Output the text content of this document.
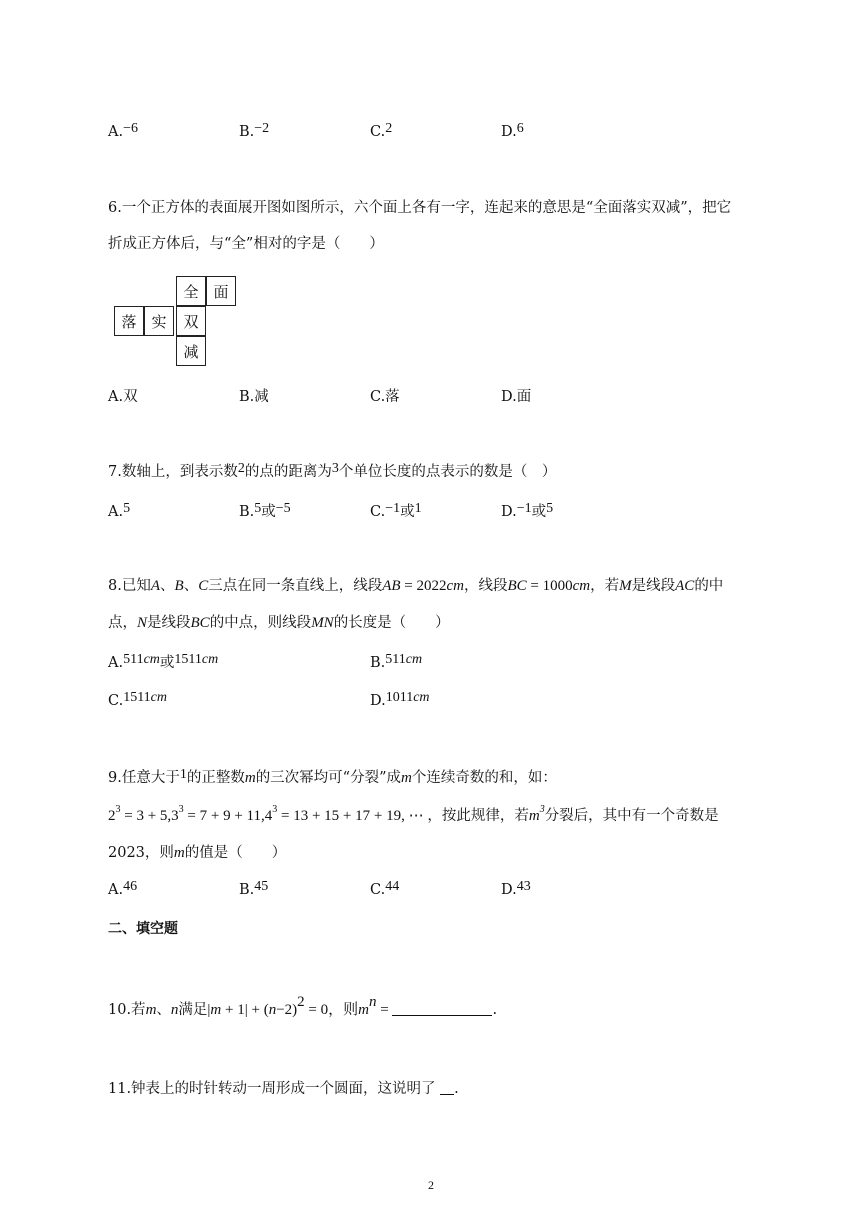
A.−6	B.−2	C.2	D.6
6.一个正方体的表面展开图如图所示，六个面上各有一字，连起来的意思是“全面落实双减”，把它
折成正方体后，与“全”相对的字是（　　）
全 面
落 实	双
减
A.双	B.减	C.落	D.面
7.数轴上，到表示数2的点的距离为3个单位长度的点表示的数是（　）
A.5	B.5或−5	C.−1或1	D.−1或5
8.已知A、B、C三点在同一条直线上，线段AB = 2022cm，线段BC = 1000cm，若M是线段AC的中
点，N是线段BC的中点，则线段MN的长度是（　　）
A.511cm或1511cm	B.511cm
C.1511cm	D.1011cm
9.任意大于1的正整数m的三次幂均可“分裂”成m个连续奇数的和，如：
$2^3 = 3 + 5,3^3 = 7 + 9 + 11,4^3 = 13 + 15 + 17 + 19$, ⋯ ，按此规律，若$m^3$分裂后，其中有一个奇数是
2023，则m的值是（　　）
A.46	B.45	C.44	D.43
二、填空题
10.若m、n满足$|m + 1| + (n-2)^2 = 0$，则$m^n$ =	.
11.钟表上的时针转动一周形成一个圆面，这说明了 .
2
